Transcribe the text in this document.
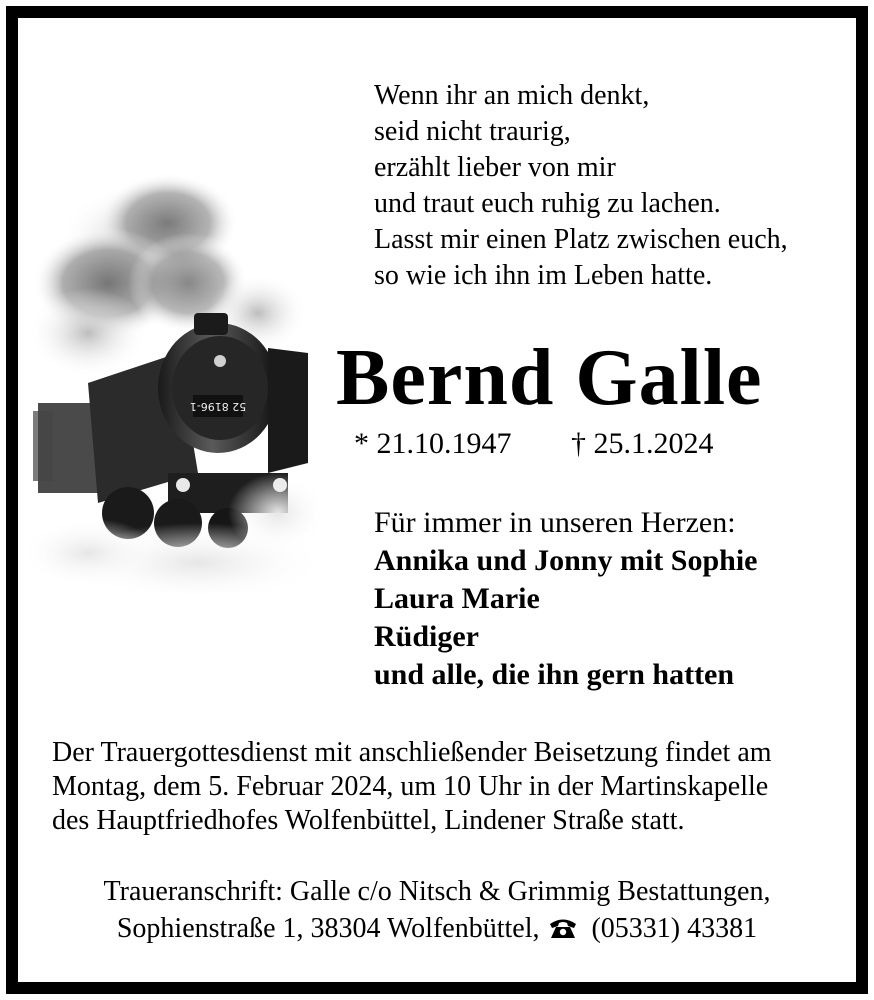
52 8196-1
Wenn ihr an mich denkt,
seid nicht traurig,
erzählt lieber von mir
und traut euch ruhig zu lachen.
Lasst mir einen Platz zwischen euch,
so wie ich ihn im Leben hatte.
Bernd Galle
* 21.10.1947 † 25.1.2024
Für immer in unseren Herzen:
Annika und Jonny mit Sophie
Laura Marie
Rüdiger
und alle, die ihn gern hatten
Der Trauergottesdienst mit anschließender Beisetzung findet am
Montag, dem 5. Februar 2024, um 10 Uhr in der Martinskapelle
des Hauptfriedhofes Wolfenbüttel, Lindener Straße statt.
Traueranschrift: Galle c/o Nitsch & Grimmig Bestattungen,
Sophienstraße 1, 38304 Wolfenbüttel, (05331) 43381
